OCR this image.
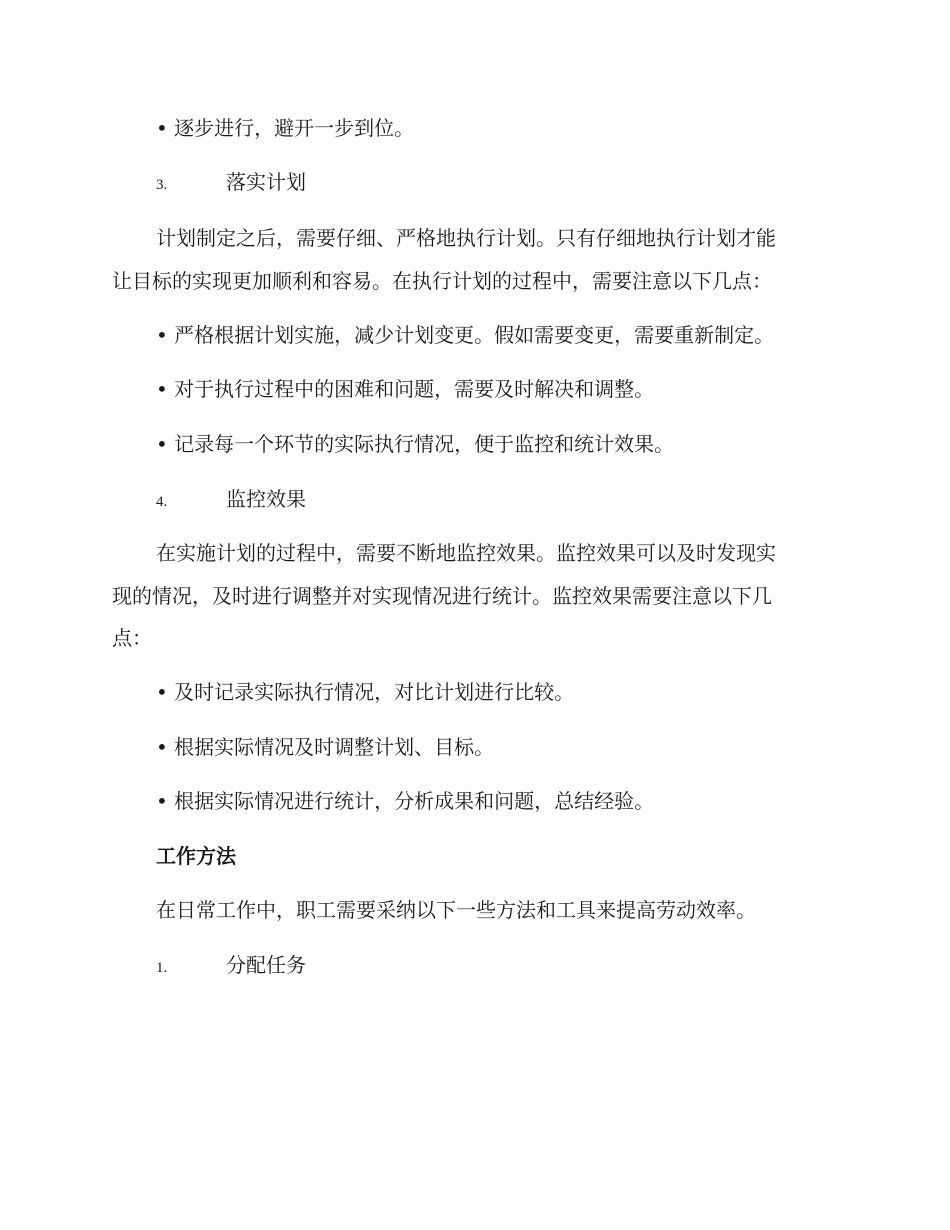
• 逐步进行，避开一步到位。
3.	落实计划
计划制定之后，需要仔细、严格地执行计划。只有仔细地执行计划才能
让目标的实现更加顺利和容易。在执行计划的过程中，需要注意以下几点：
• 严格根据计划实施，减少计划变更。假如需要变更，需要重新制定。
• 对于执行过程中的困难和问题，需要及时解决和调整。
• 记录每一个环节的实际执行情况，便于监控和统计效果。
4.	监控效果
在实施计划的过程中，需要不断地监控效果。监控效果可以及时发现实
现的情况，及时进行调整并对实现情况进行统计。监控效果需要注意以下几
点：
• 及时记录实际执行情况，对比计划进行比较。
• 根据实际情况及时调整计划、目标。
• 根据实际情况进行统计，分析成果和问题，总结经验。
工作方法
在日常工作中，职工需要采纳以下一些方法和工具来提高劳动效率。
1.	分配任务
